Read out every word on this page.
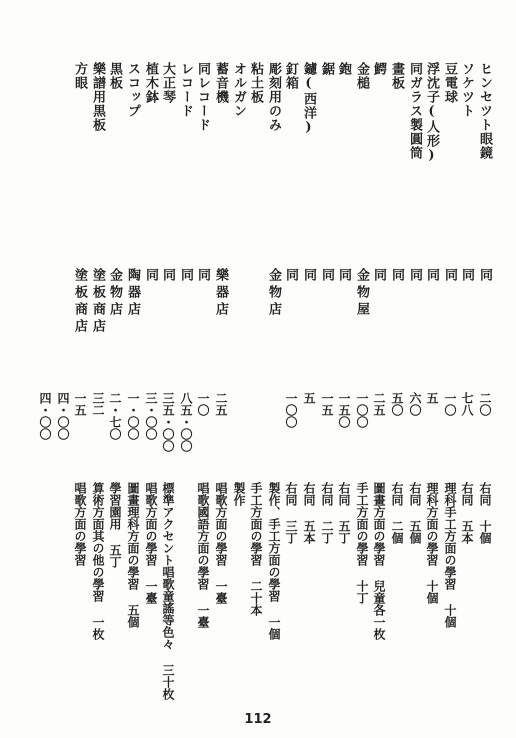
ヒンセツト眼鏡
同
二〇
右同 十個
ソケツト
同
七八
右同 五本
豆電球
同
一〇
理科手工方面の學習 十個
浮沈子(人形)
同
五
理科方面の學習 十個
同ガラス製圓筒
同
六〇
右同 五個
畫板
同
五〇
右同 二個
鰐
同
二五
圖畫方面の學習 兒童各一枚
金槌
金物屋
一〇〇
手工方面の學習 十丁
鉋
同
一五〇
右同 五丁
鋸
同
一五
右同 二丁
鑢(西洋)
同
五
右同 五本
釘箱
同
一〇〇
右同 三丁
彫刻用のみ
金物店
製作、手工方面の學習 一個
粘土板
手工方面の學習 二十本
オルガン
製作
蓄音機
樂器店
二五
唱歌方面の學習 一臺
同レコード
同
一〇
唱歌國語方面の學習 一臺
レコード
同
八五・〇〇
大正琴
同
三五・〇〇
標準アクセント唱歌童謠等色々 三十枚
植木鉢
同
三・〇〇
唱歌方面の學習 一臺
スコップ
陶器店
一・〇〇
圖畫理科方面の學習 五個
黒板
金物店
二・七〇
學習園用 五丁
樂譜用黒板
塗板商店
三二
算術方面其の他の學習 一枚
方眼
塗板商店
一五
唱歌方面の學習
四・〇〇
四・〇〇
112
